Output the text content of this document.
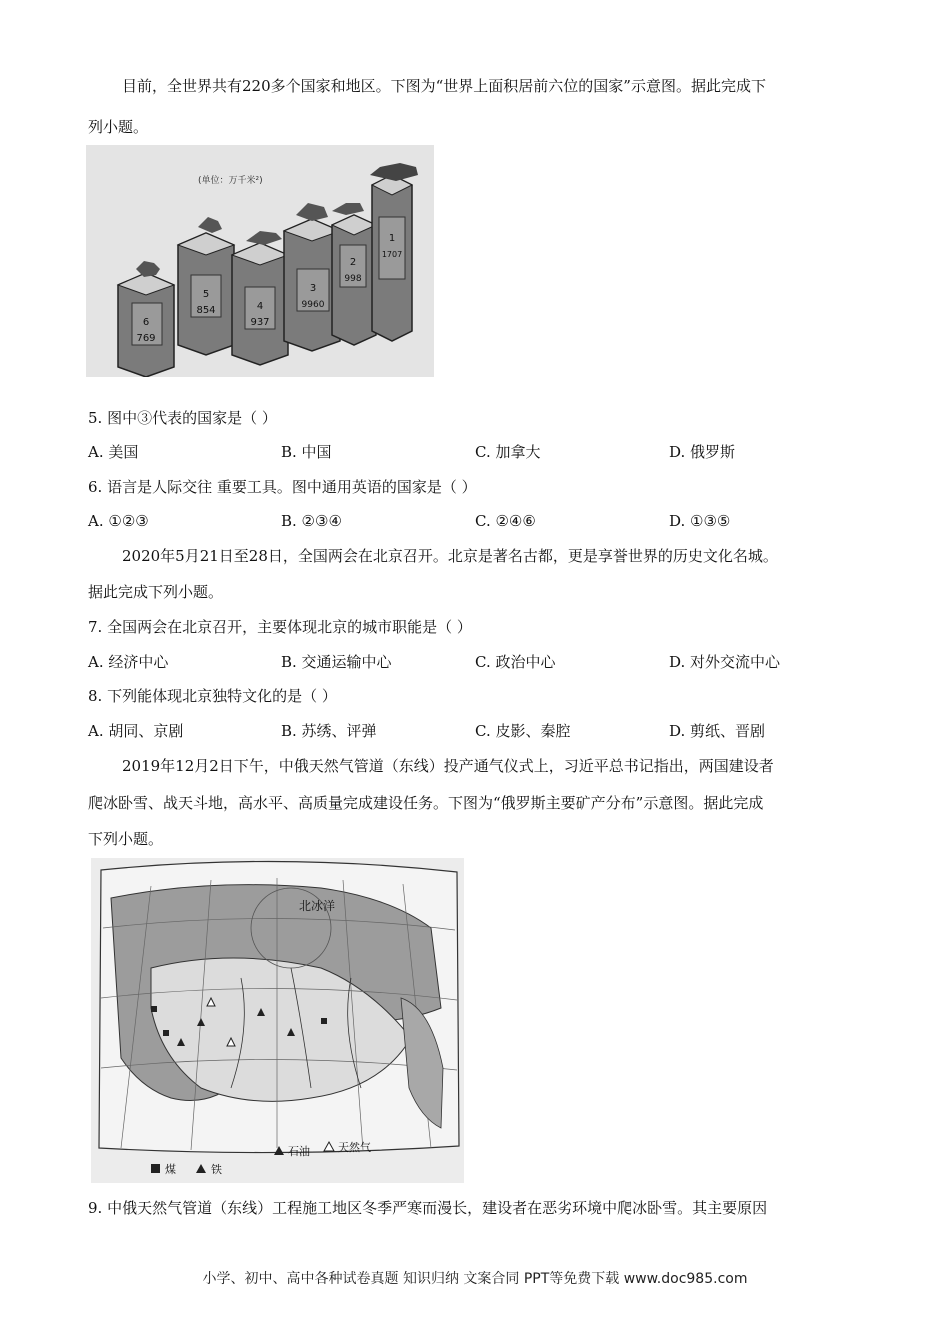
目前，全世界共有220多个国家和地区。下图为“世界上面积居前六位的国家”示意图。据此完成下
列小题。
(单位：万千米²)
6
769
5
854	4
937
3
9960
2
998
1
1707
5. 图中③代表的国家是（ ）
A. 美国	B. 中国	C. 加拿大	D. 俄罗斯
6. 语言是人际交往 重要工具。图中通用英语的国家是（ ）
A. ①②③	B. ②③④	C. ②④⑥	D. ①③⑤
2020年5月21日至28日，全国两会在北京召开。北京是著名古都，更是享誉世界的历史文化名城。
据此完成下列小题。
7. 全国两会在北京召开，主要体现北京的城市职能是（ ）
A. 经济中心	B. 交通运输中心	C. 政治中心	D. 对外交流中心
8. 下列能体现北京独特文化的是（ ）
A. 胡同、京剧	B. 苏绣、评弹	C. 皮影、秦腔	D. 剪纸、晋剧
2019年12月2日下午，中俄天然气管道（东线）投产通气仪式上，习近平总书记指出，两国建设者
爬冰卧雪、战天斗地，高水平、高质量完成建设任务。下图为“俄罗斯主要矿产分布”示意图。据此完成
下列小题。
北冰洋
煤	铁
石油	天然气
9. 中俄天然气管道（东线）工程施工地区冬季严寒而漫长，建设者在恶劣环境中爬冰卧雪。其主要原因
小学、初中、高中各种试卷真题 知识归纳 文案合同 PPT等免费下载 www.doc985.com
